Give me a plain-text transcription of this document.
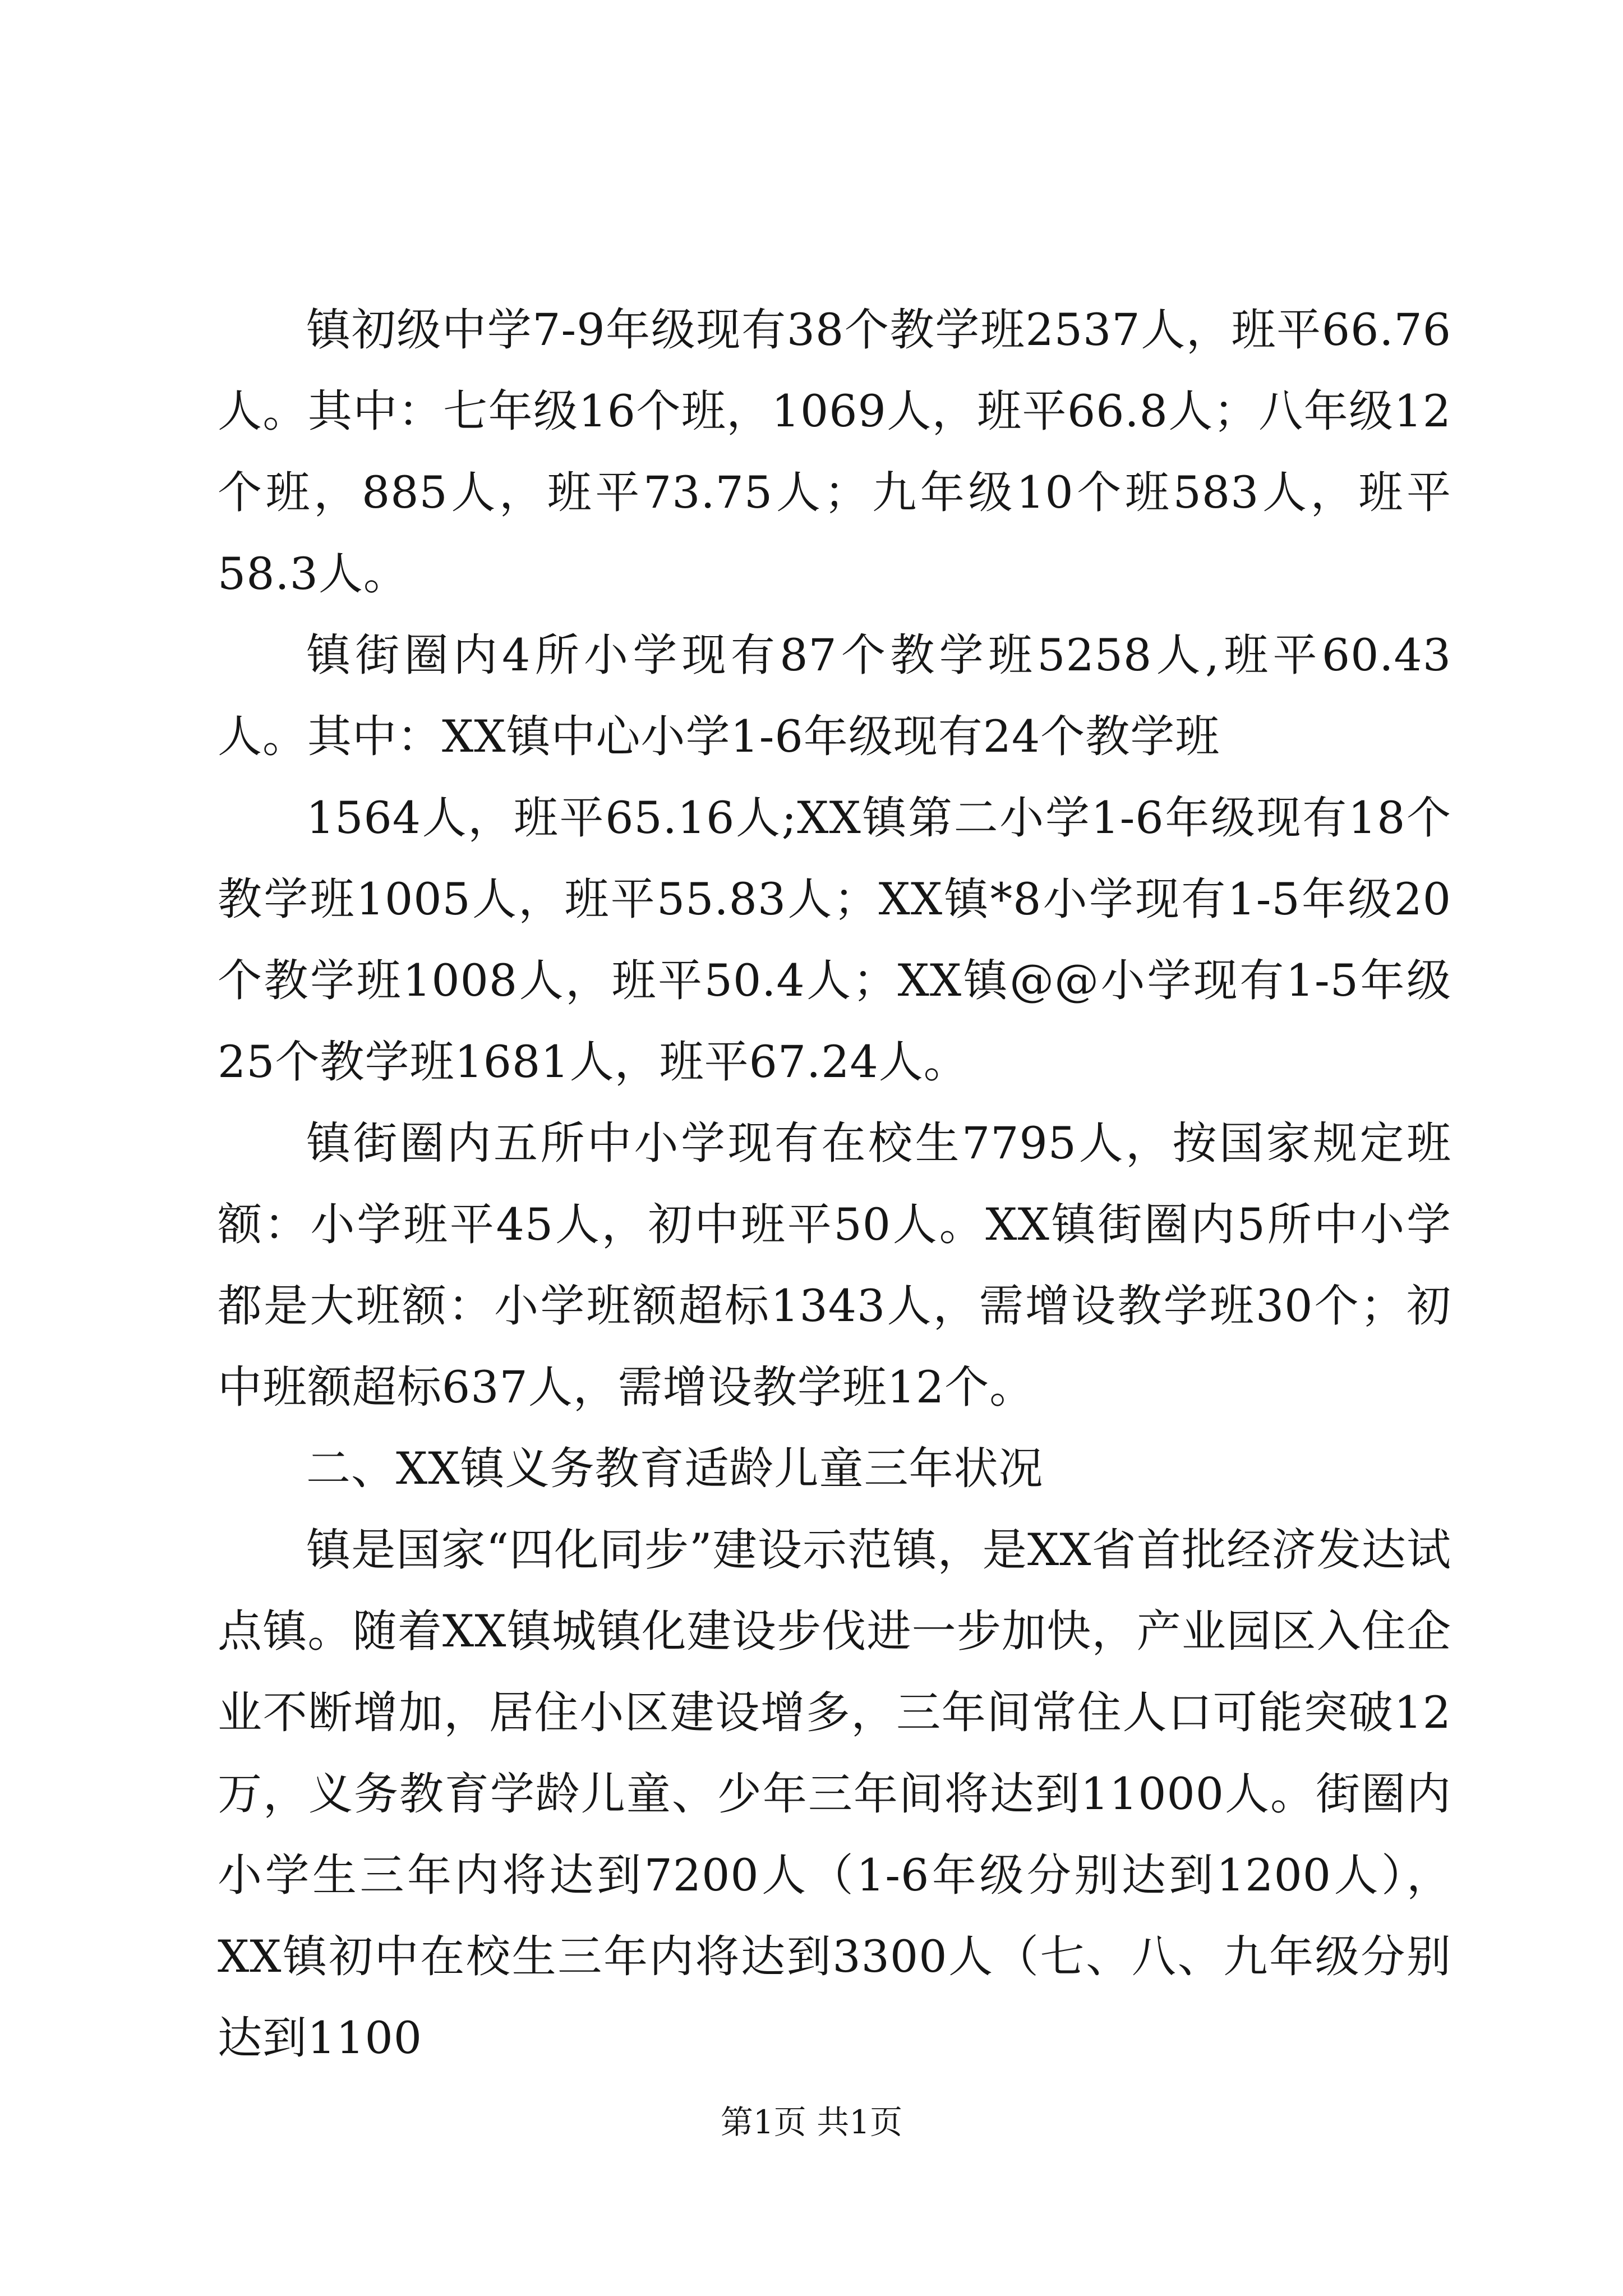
镇初级中学7-9年级现有38个教学班2537人，班平66.76人。其中：七年级16个班，1069人，班平66.8人；八年级12个班，885人，班平73.75人；九年级10个班583人，班平58.3人。

镇街圈内4所小学现有87个教学班5258人,班平60.43人。其中：XX镇中心小学1-6年级现有24个教学班

1564人，班平65.16人;XX镇第二小学1-6年级现有18个教学班1005人，班平55.83人；XX镇*8小学现有1-5年级20个教学班1008人，班平50.4人；XX镇@@小学现有1-5年级25个教学班1681人，班平67.24人。

镇街圈内五所中小学现有在校生7795人，按国家规定班额：小学班平45人，初中班平50人。XX镇街圈内5所中小学都是大班额：小学班额超标1343人，需增设教学班30个；初中班额超标637人，需增设教学班12个。

二、XX镇义务教育适龄儿童三年状况

镇是国家“四化同步”建设示范镇，是XX省首批经济发达试点镇。随着XX镇城镇化建设步伐进一步加快，产业园区入住企业不断增加，居住小区建设增多，三年间常住人口可能突破12万，义务教育学龄儿童、少年三年间将达到11000人。街圈内小学生三年内将达到7200人（1-6年级分别达到1200人），XX镇初中在校生三年内将达到3300人（七、八、九年级分别达到1100

第1页 共1页
